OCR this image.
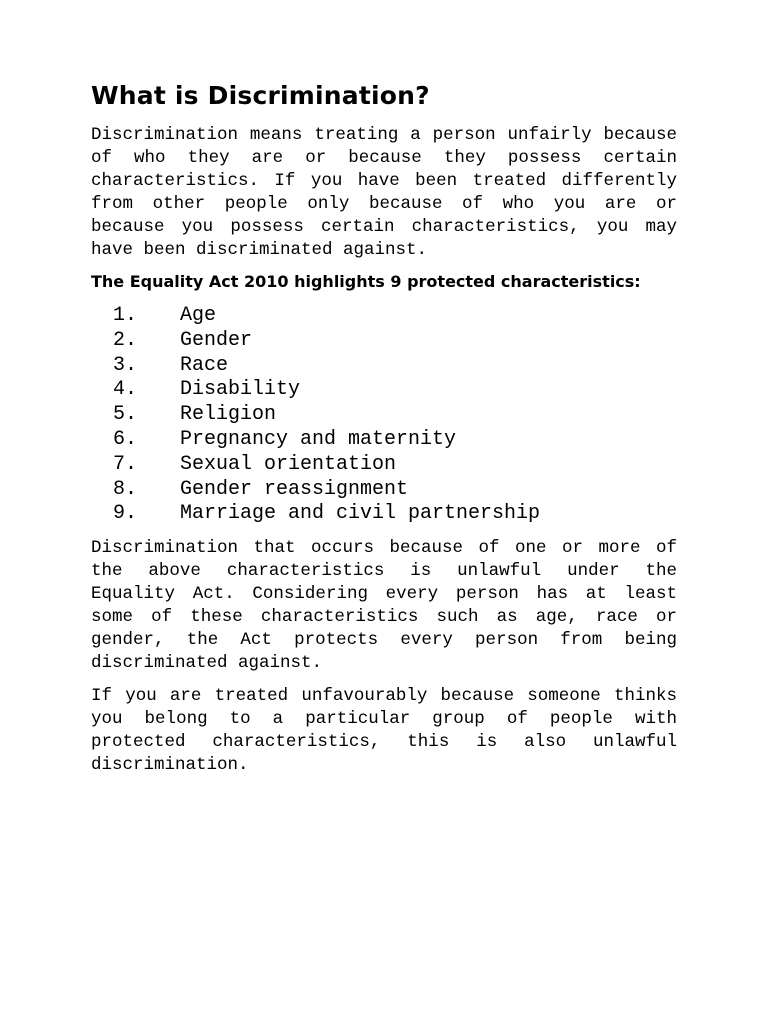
What is Discrimination?

Discrimination means treating a person unfairly because of who they are or because they possess certain characteristics. If you have been treated differently from other people only because of who you are or because you possess certain characteristics, you may have been discriminated against.

The Equality Act 2010 highlights 9 protected characteristics:

1.	Age
2.	Gender
3.	Race
4.	Disability
5.	Religion
6.	Pregnancy and maternity
7.	Sexual orientation
8.	Gender reassignment
9.	Marriage and civil partnership

Discrimination that occurs because of one or more of the above characteristics is unlawful under the Equality Act. Considering every person has at least some of these characteristics such as age, race or gender, the Act protects every person from being discriminated against.

If you are treated unfavourably because someone thinks you belong to a particular group of people with protected characteristics, this is also unlawful discrimination.
